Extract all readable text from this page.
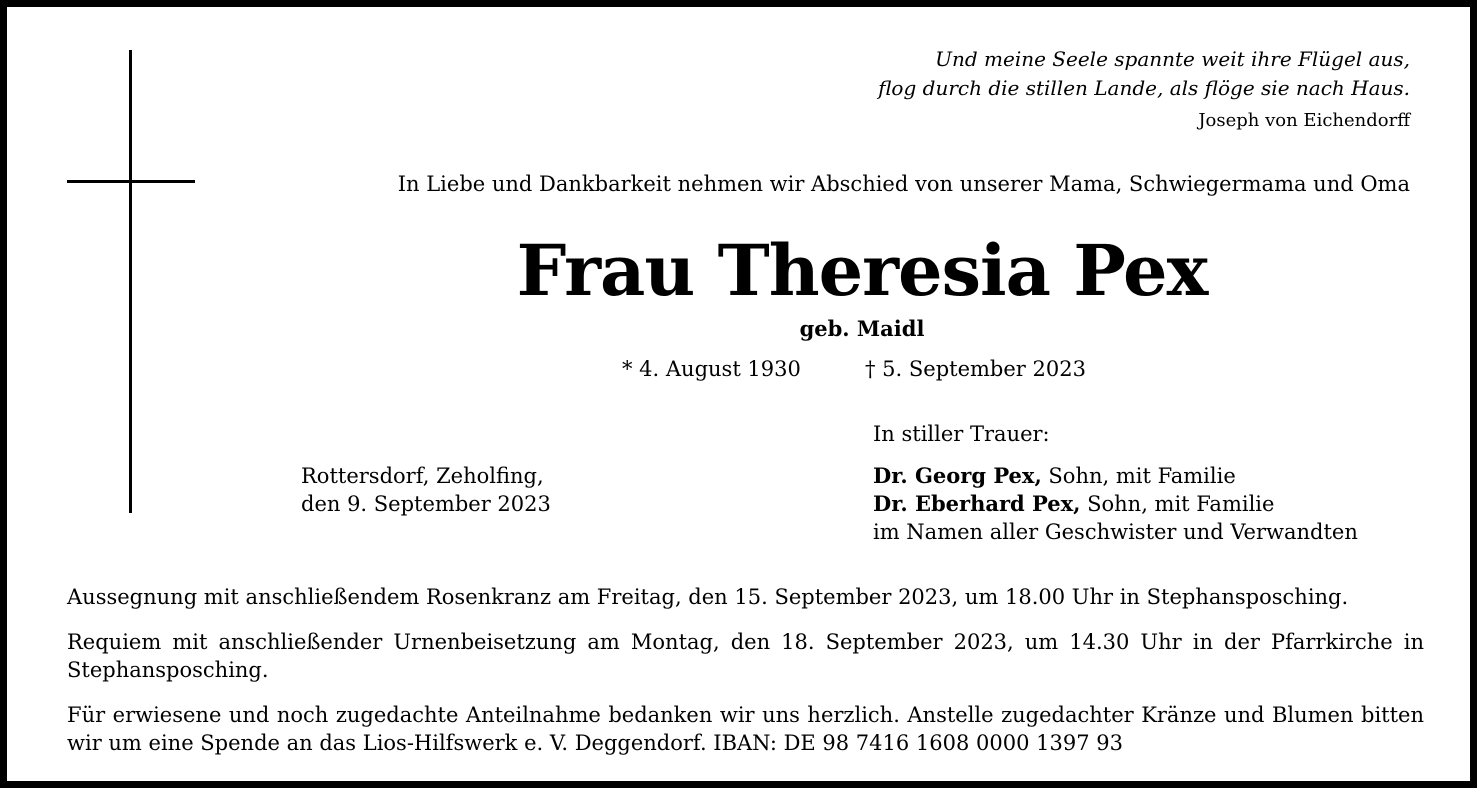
Und meine Seele spannte weit ihre Flügel aus,
flog durch die stillen Lande, als flöge sie nach Haus.
Joseph von Eichendorff
In Liebe und Dankbarkeit nehmen wir Abschied von unserer Mama, Schwiegermama und Oma
Frau Theresia Pex
geb. Maidl
* 4. August 1930	† 5. September 2023
Rottersdorf, Zeholfing,
den 9. September 2023
In stiller Trauer:
Dr. Georg Pex, Sohn, mit Familie
Dr. Eberhard Pex, Sohn, mit Familie
im Namen aller Geschwister und Verwandten
Aussegnung mit anschließendem Rosenkranz am Freitag, den 15. September 2023, um 18.00 Uhr in Stephansposching.
Requiem mit anschließender Urnenbeisetzung am Montag, den 18. September 2023, um 14.30 Uhr in der Pfarrkirche in Stephansposching.
Für erwiesene und noch zugedachte Anteilnahme bedanken wir uns herzlich. Anstelle zugedachter Kränze und Blumen bitten wir um eine Spende an das Lios-Hilfswerk e. V. Deggendorf. IBAN: DE 98 7416 1608 0000 1397 93
